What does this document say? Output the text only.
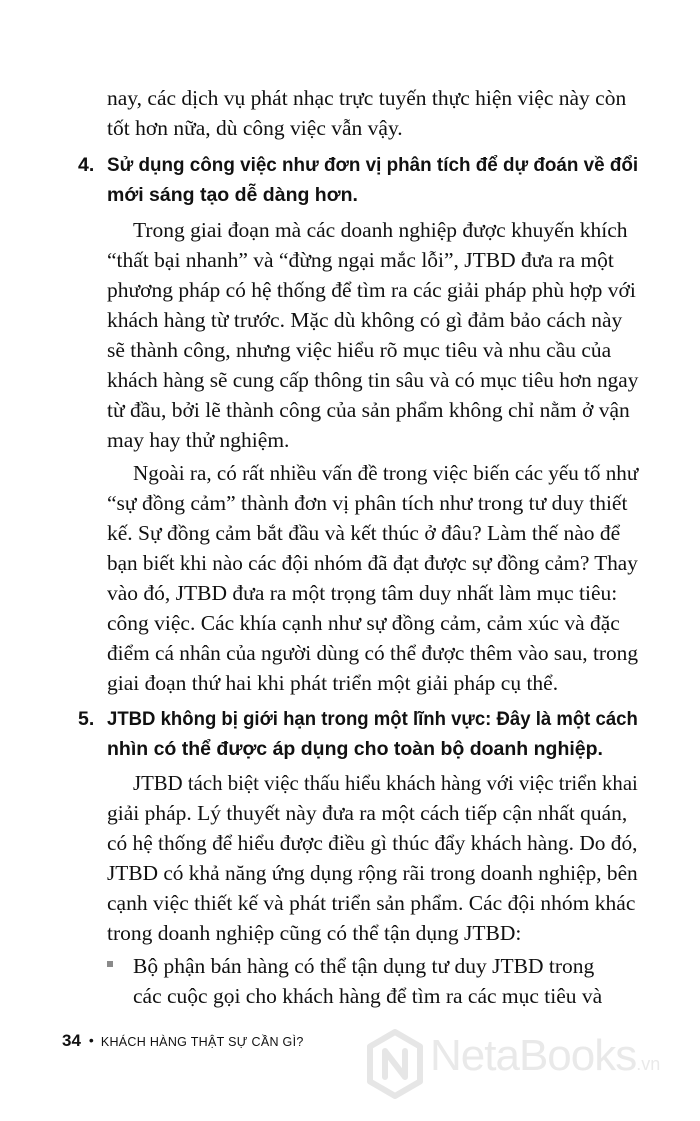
nay, các dịch vụ phát nhạc trực tuyến thực hiện việc này còn
tốt hơn nữa, dù công việc vẫn vậy.
4. Sử dụng công việc như đơn vị phân tích để dự đoán về đổi
mới sáng tạo dễ dàng hơn.
Trong giai đoạn mà các doanh nghiệp được khuyến khích
“thất bại nhanh” và “đừng ngại mắc lỗi”, JTBD đưa ra một
phương pháp có hệ thống để tìm ra các giải pháp phù hợp với
khách hàng từ trước. Mặc dù không có gì đảm bảo cách này
sẽ thành công, nhưng việc hiểu rõ mục tiêu và nhu cầu của
khách hàng sẽ cung cấp thông tin sâu và có mục tiêu hơn ngay
từ đầu, bởi lẽ thành công của sản phẩm không chỉ nằm ở vận
may hay thử nghiệm.
Ngoài ra, có rất nhiều vấn đề trong việc biến các yếu tố như
“sự đồng cảm” thành đơn vị phân tích như trong tư duy thiết
kế. Sự đồng cảm bắt đầu và kết thúc ở đâu? Làm thế nào để
bạn biết khi nào các đội nhóm đã đạt được sự đồng cảm? Thay
vào đó, JTBD đưa ra một trọng tâm duy nhất làm mục tiêu:
công việc. Các khía cạnh như sự đồng cảm, cảm xúc và đặc
điểm cá nhân của người dùng có thể được thêm vào sau, trong
giai đoạn thứ hai khi phát triển một giải pháp cụ thể.
5. JTBD không bị giới hạn trong một lĩnh vực: Đây là một cách
nhìn có thể được áp dụng cho toàn bộ doanh nghiệp.
JTBD tách biệt việc thấu hiểu khách hàng với việc triển khai
giải pháp. Lý thuyết này đưa ra một cách tiếp cận nhất quán,
có hệ thống để hiểu được điều gì thúc đẩy khách hàng. Do đó,
JTBD có khả năng ứng dụng rộng rãi trong doanh nghiệp, bên
cạnh việc thiết kế và phát triển sản phẩm. Các đội nhóm khác
trong doanh nghiệp cũng có thể tận dụng JTBD:
Bộ phận bán hàng có thể tận dụng tư duy JTBD trong
các cuộc gọi cho khách hàng để tìm ra các mục tiêu và
34 • KHÁCH HÀNG THẬT SỰ CẦN GÌ?	NetaBooks.vn
